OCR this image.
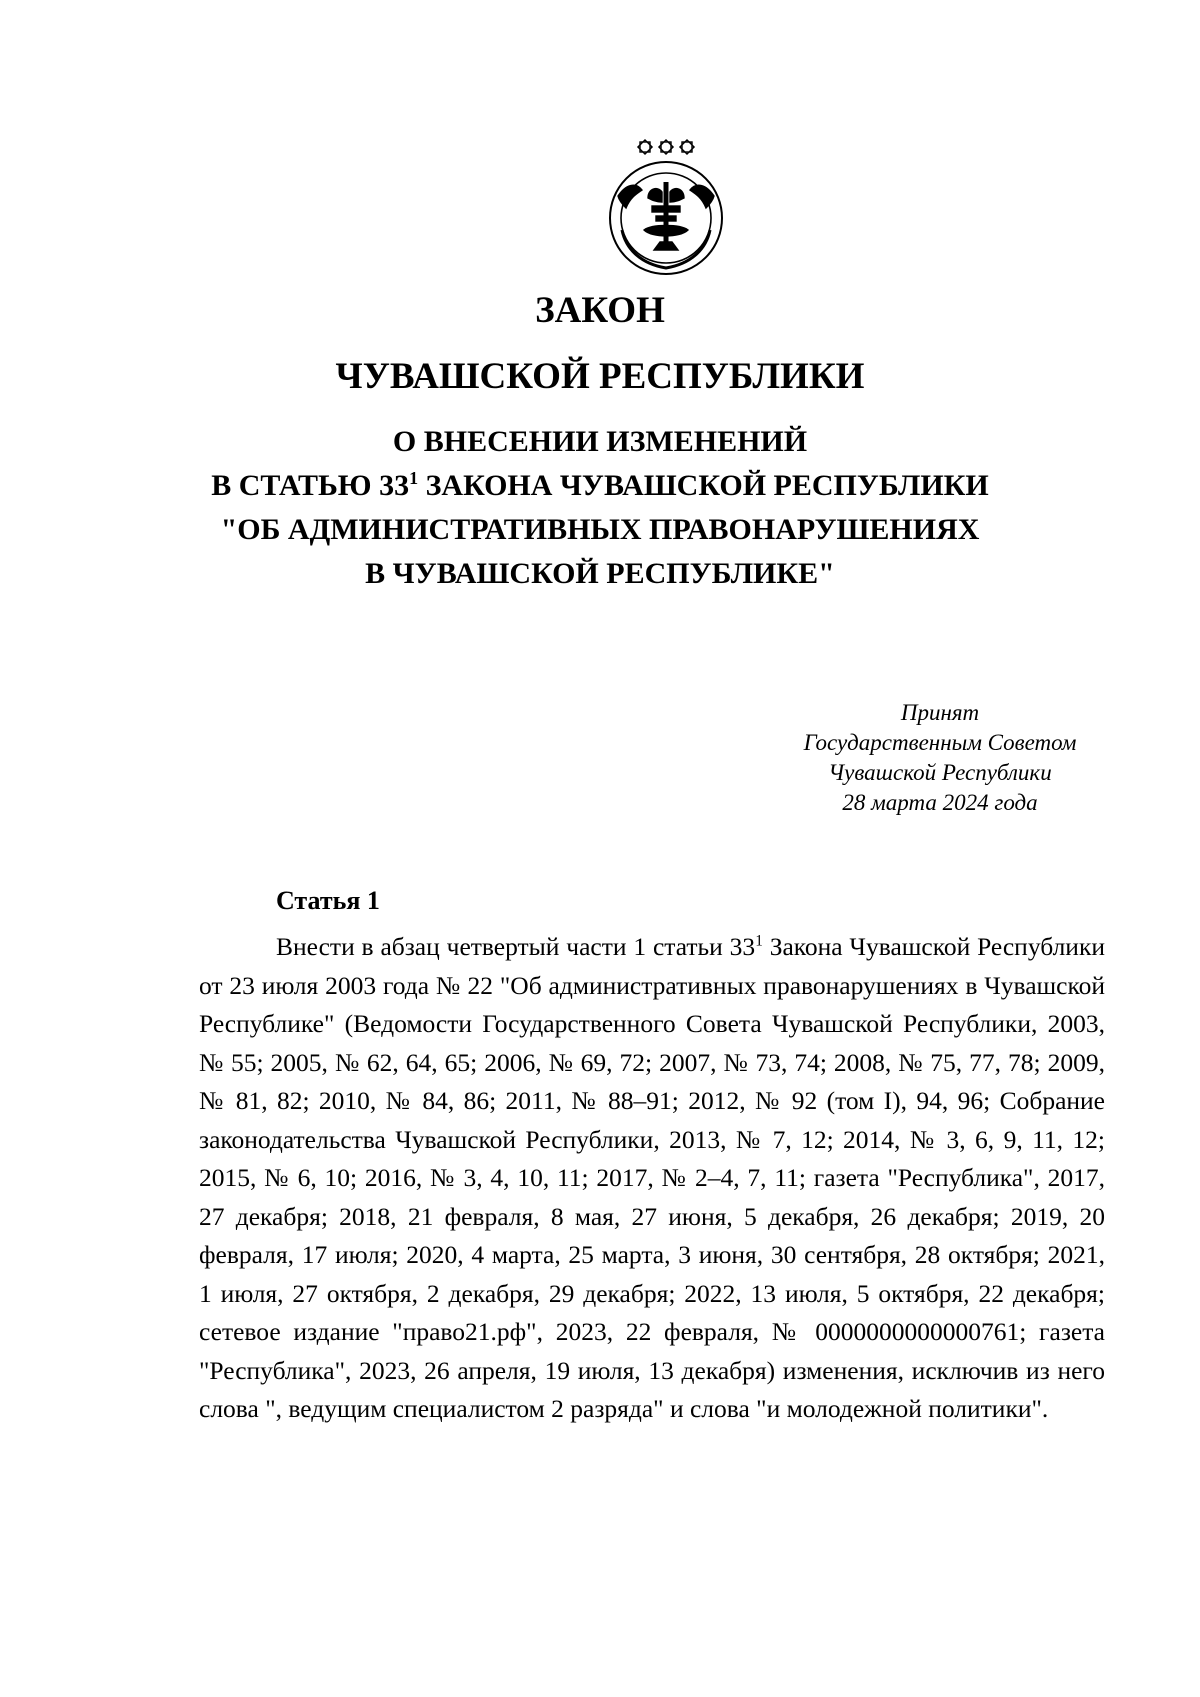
ЗАКОН
ЧУВАШСКОЙ РЕСПУБЛИКИ
О ВНЕСЕНИИ ИЗМЕНЕНИЙ
В СТАТЬЮ $33^1$ ЗАКОНА ЧУВАШСКОЙ РЕСПУБЛИКИ
"ОБ АДМИНИСТРАТИВНЫХ ПРАВОНАРУШЕНИЯХ
В ЧУВАШСКОЙ РЕСПУБЛИКЕ"
Принят
Государственным Советом
Чувашской Республики
28 марта 2024 года
Статья 1

Внести в абзац четвертый части 1 статьи $33^1$ Закона Чувашской Республики от 23 июля 2003 года № 22 "Об административных правонарушениях в Чувашской Республике" (Ведомости Государственного Совета Чувашской Республики, 2003, № 55; 2005, № 62, 64, 65; 2006, № 69, 72; 2007, № 73, 74; 2008, № 75, 77, 78; 2009, № 81, 82; 2010, № 84, 86; 2011, № 88–91; 2012, № 92 (том I), 94, 96; Собрание законодательства Чувашской Республики, 2013, № 7, 12; 2014, № 3, 6, 9, 11, 12; 2015, № 6, 10; 2016, № 3, 4, 10, 11; 2017, № 2–4, 7, 11; газета "Республика", 2017, 27 декабря; 2018, 21 февраля, 8 мая, 27 июня, 5 декабря, 26 декабря; 2019, 20 февраля, 17 июля; 2020, 4 марта, 25 марта, 3 июня, 30 сентября, 28 октября; 2021, 1 июля, 27 октября, 2 декабря, 29 декабря; 2022, 13 июля, 5 октября, 22 декабря; сетевое издание "право21.рф", 2023, 22 февраля, № 0000000000000761; газета "Республика", 2023, 26 апреля, 19 июля, 13 декабря) изменения, исключив из него слова ", ведущим специалистом 2 разряда" и слова "и молодежной политики".
